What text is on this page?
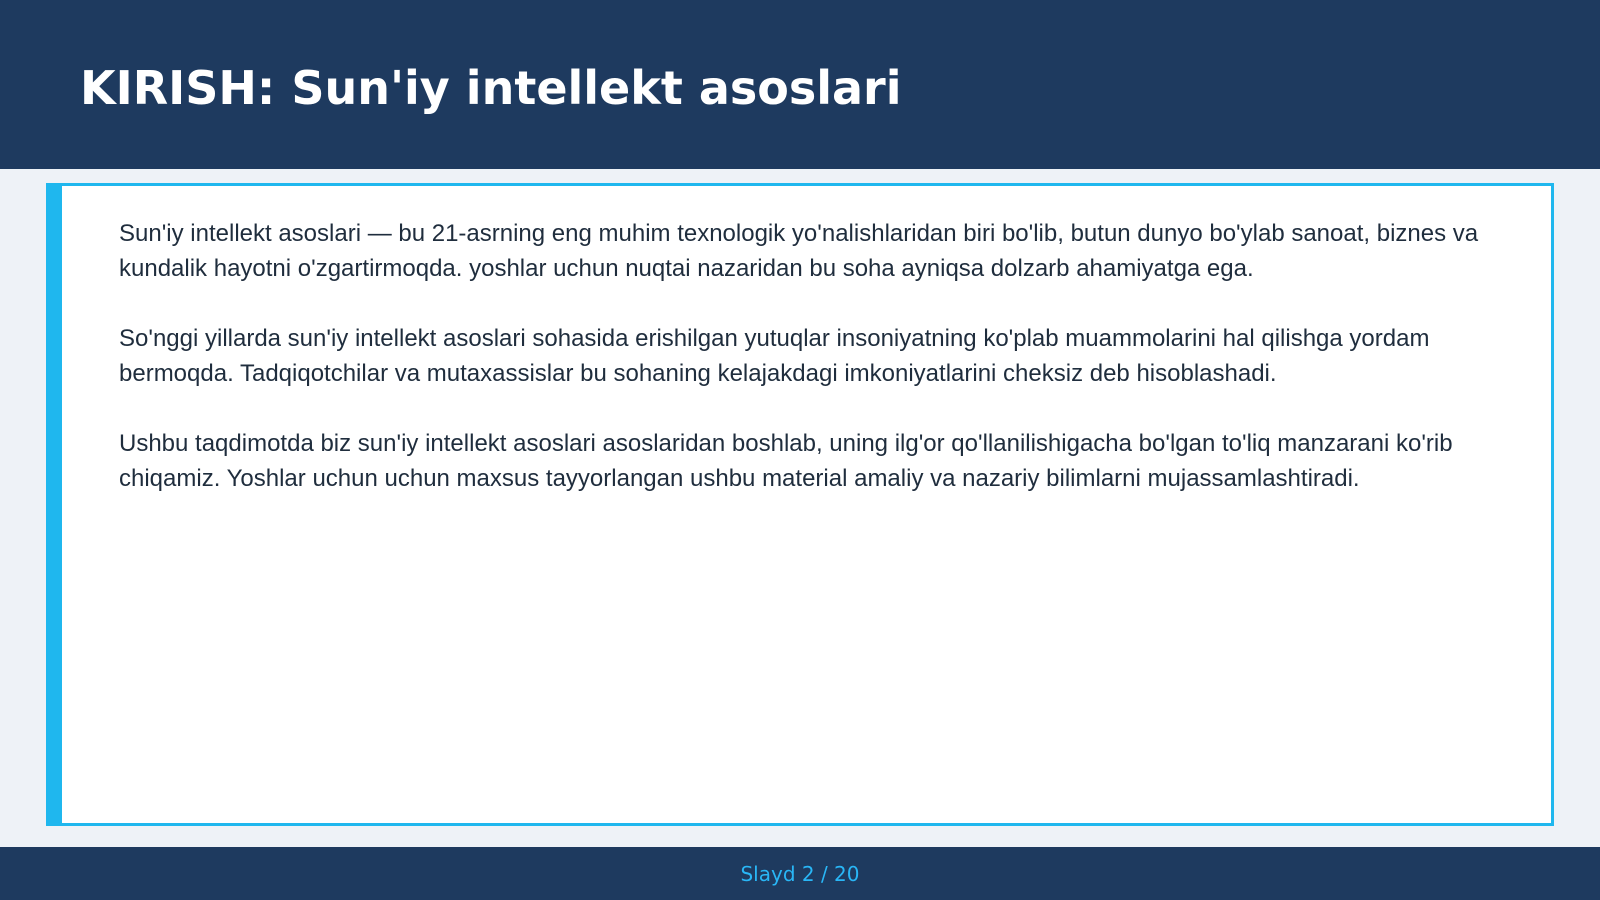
KIRISH: Sun'iy intellekt asoslari

Sun'iy intellekt asoslari — bu 21-asrning eng muhim texnologik yo'nalishlaridan biri bo'lib, butun dunyo bo'ylab sanoat, biznes va kundalik hayotni o'zgartirmoqda. yoshlar uchun nuqtai nazaridan bu soha ayniqsa dolzarb ahamiyatga ega.

So'nggi yillarda sun'iy intellekt asoslari sohasida erishilgan yutuqlar insoniyatning ko'plab muammolarini hal qilishga yordam bermoqda. Tadqiqotchilar va mutaxassislar bu sohaning kelajakdagi imkoniyatlarini cheksiz deb hisoblashadi.

Ushbu taqdimotda biz sun'iy intellekt asoslari asoslaridan boshlab, uning ilg'or qo'llanilishigacha bo'lgan to'liq manzarani ko'rib chiqamiz. Yoshlar uchun uchun maxsus tayyorlangan ushbu material amaliy va nazariy bilimlarni mujassamlashtiradi.

Slayd 2 / 20
